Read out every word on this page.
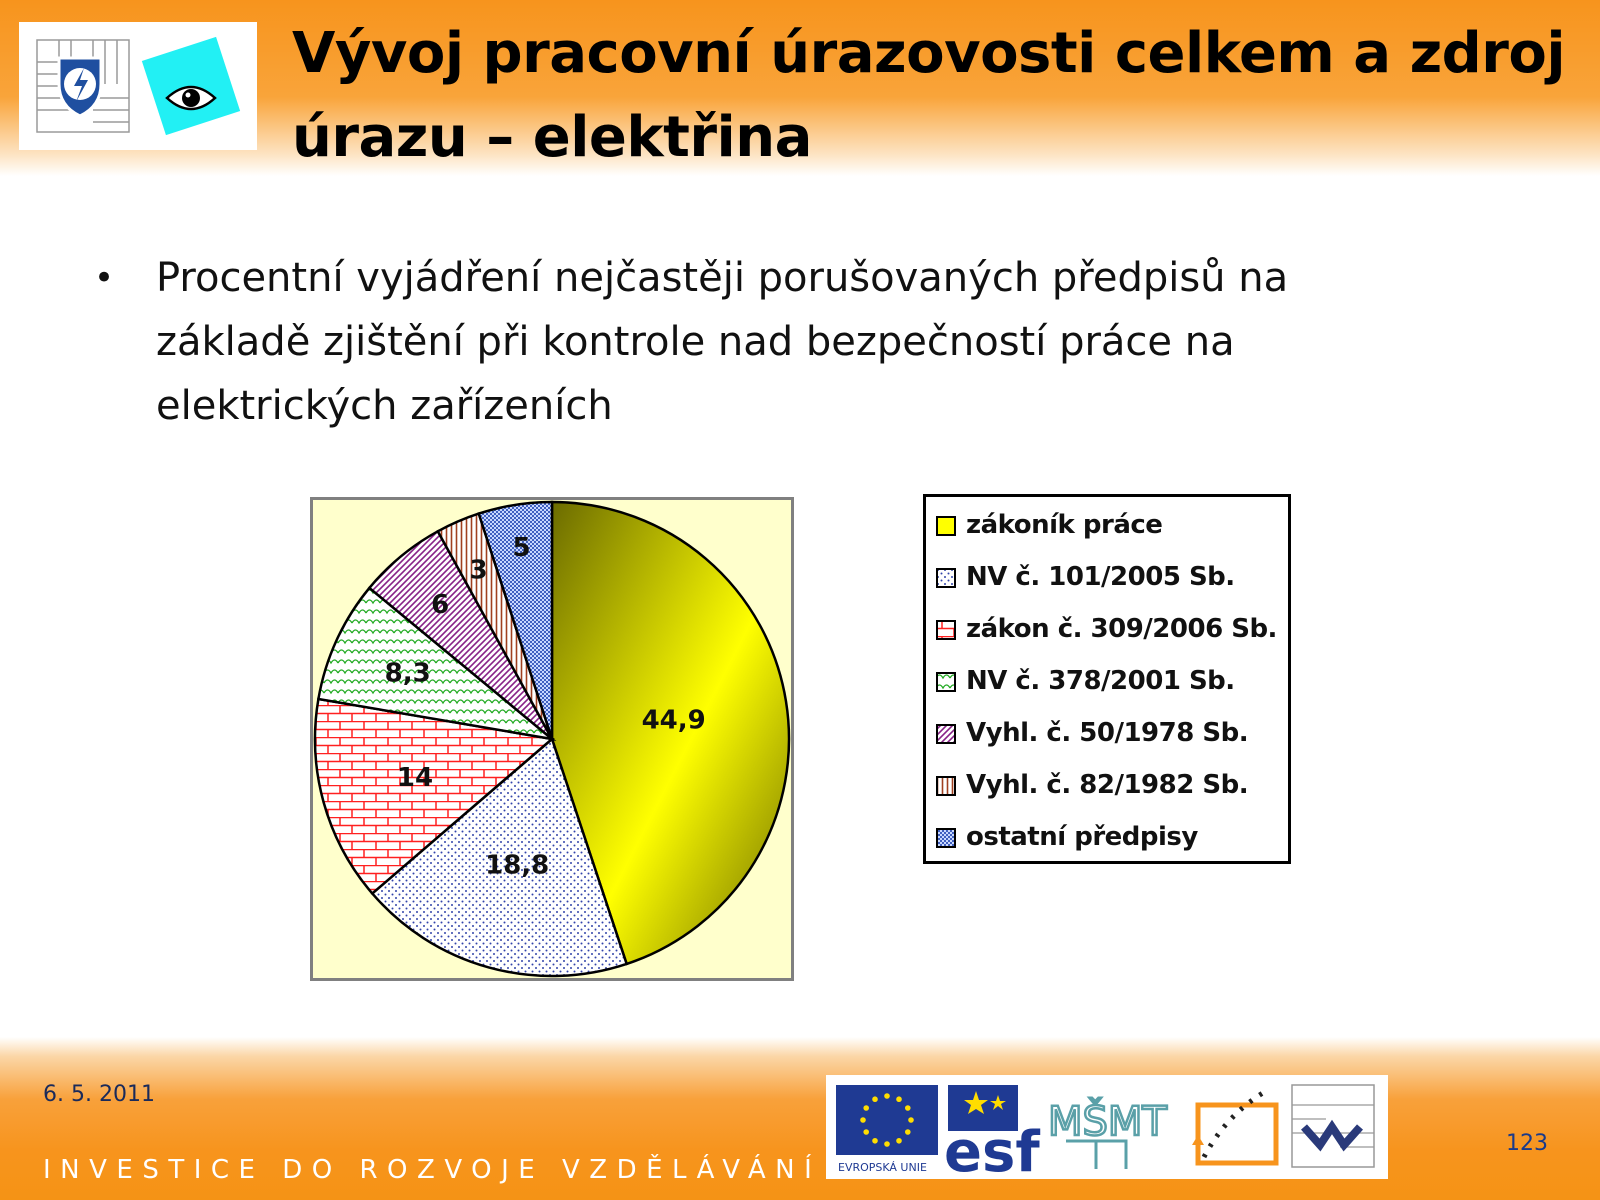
Vývoj pracovní úrazovosti celkem a zdroj úrazu – elektřina
• Procentní vyjádření nejčastěji porušovaných předpisů na základě zjištění při kontrole nad bezpečností práce na elektrických zařízeních

44,9
18,8
14
8,3
6
3
5
zákoník práce
NV č. 101/2005 Sb.
zákon č. 309/2006 Sb.
NV č. 378/2001 Sb.
Vyhl. č. 50/1978 Sb.
Vyhl. č. 82/1982 Sb.
ostatní předpisy
6. 5. 2011
INVESTICE DO ROZVOJE VZDĚLÁVÁNÍ
123
EVROPSKÁ UNIE esf MŠMT
